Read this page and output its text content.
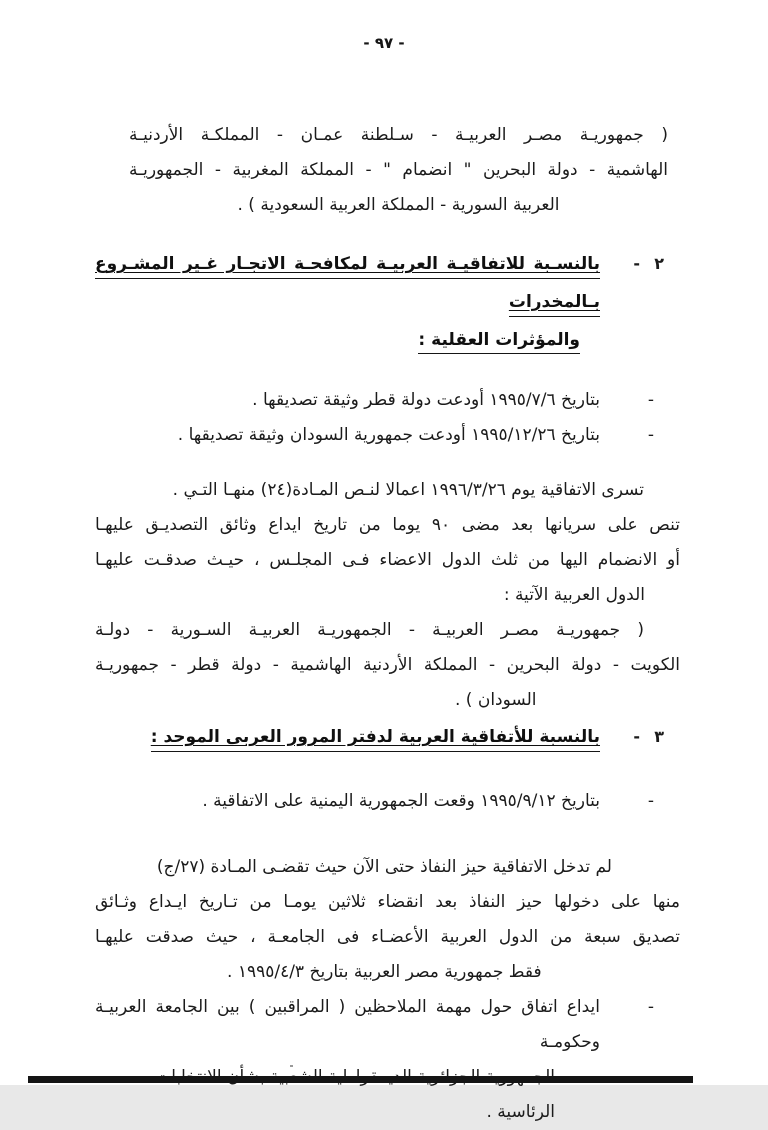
- ٩٧ -
( جمهوريـة مصـر العربيـة - سـلطنة عمـان - المملكـة الأردنيـة
الهاشمية - دولة البحرين " انضمام " - المملكة المغربية - الجمهوريـة
العربية السورية - المملكة العربية السعودية ) .
٢
-
بالنسـبة للاتفاقيـة العربيـة لمكافحـة الاتجـار غـير المشـروع بـالمخدرات
والمؤثرات العقلية :
-
بتاريخ ١٩٩٥/٧/٦ أودعت دولة قطر وثيقة تصديقها .
-
بتاريخ ١٩٩٥/١٢/٢٦ أودعت جمهورية السودان وثيقة تصديقها .
تسرى الاتفاقية يوم ١٩٩٦/٣/٢٦ اعمالا لنـص المـادة(٢٤) منهـا التـي .
تنص على سريانها بعد مضى ٩٠ يوما من تاريخ ايداع وثائق التصديـق عليهـا
أو الانضمام اليها من ثلث الدول الاعضاء فـى المجلـس ، حيـث صدقـت عليهـا
الدول العربية الآتية :
( جمهوريـة مصـر العربيـة - الجمهوريـة العربيـة السـورية - دولـة
الكويت - دولة البحرين - المملكة الأردنية الهاشمية - دولة قطر - جمهوريـة
السودان ) .
٣
-
بالنسبة للأتفاقية العربية لدفتر المرور العربى الموحد :
-
بتاريخ ١٩٩٥/٩/١٢ وقعت الجمهورية اليمنية على الاتفاقية .
لم تدخل الاتفاقية حيز النفاذ حتى الآن حيث تقضـى المـادة (٢٧/ج)
منها على دخولها حيز النفاذ بعد انقضاء ثلاثين يومـا من تـاريخ ايـداع وثـائق
تصديق سبعة من الدول العربية الأعضـاء فى الجامعـة ، حيث صدقت عليهـا
فقط جمهورية مصر العربية بتاريخ ١٩٩٥/٤/٣ .
-
ايداع اتفاق حول مهمة الملاحظين ( المراقبين ) بين الجامعة العربيـة وحكومـة
الرئاسية .
